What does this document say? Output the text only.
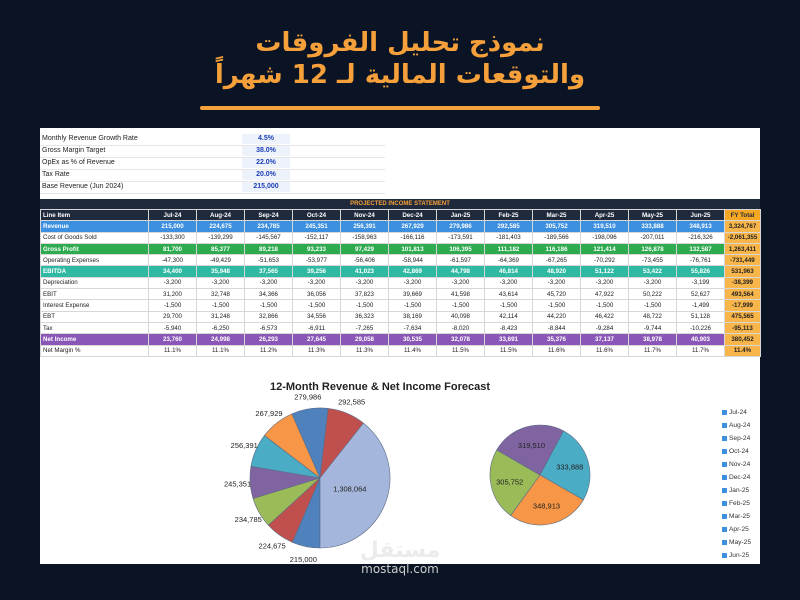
نموذج تحليل الفروقات
والتوقعات المالية لـ 12 شهراً
Monthly Revenue Growth Rate	4.5%
Gross Margin Target	38.0%
OpEx as % of Revenue	22.0%
Tax Rate	20.0%
Base Revenue (Jun 2024)	215,000
PROJECTED INCOME STATEMENT
Line Item	Jul-24	Aug-24	Sep-24	Oct-24	Nov-24	Dec-24	Jan-25	Feb-25	Mar-25	Apr-25	May-25	Jun-25	FY Total
Revenue	215,000	224,675	234,785	245,351	256,391	267,929	279,986	292,585	305,752	319,510	333,888	348,913	3,324,767
Cost of Goods Sold	-133,300	-139,299	-145,567	-152,117	-158,963	-166,116	-173,591	-181,403	-189,566	-198,096	-207,011	-216,326	-2,061,355
Gross Profit	81,700	85,377	89,218	93,233	97,429	101,813	106,395	111,182	116,186	121,414	126,878	132,587	1,263,411
Operating Expenses	-47,300	-49,429	-51,653	-53,977	-56,406	-58,944	-61,597	-64,369	-67,265	-70,292	-73,455	-76,761	-731,449
EBITDA	34,400	35,948	37,565	39,256	41,023	42,869	44,798	46,814	48,920	51,122	53,422	55,826	531,963
Depreciation	-3,200	-3,200	-3,200	-3,200	-3,200	-3,200	-3,200	-3,200	-3,200	-3,200	-3,200	-3,199	-38,399
EBIT	31,200	32,748	34,366	36,056	37,823	39,669	41,598	43,614	45,720	47,922	50,222	52,627	493,564
Interest Expense	-1,500	-1,500	-1,500	-1,500	-1,500	-1,500	-1,500	-1,500	-1,500	-1,500	-1,500	-1,499	-17,999
EBT	29,700	31,248	32,866	34,556	36,323	38,169	40,098	42,114	44,220	46,422	48,722	51,128	475,565
Tax	-5,940	-6,250	-6,573	-6,911	-7,265	-7,634	-8,020	-8,423	-8,844	-9,284	-9,744	-10,226	-95,113
Net Income	23,760	24,998	26,293	27,645	29,058	30,535	32,078	33,691	35,376	37,137	38,978	40,903	380,452
Net Margin %	11.1%	11.1%	11.2%	11.3%	11.3%	11.4%	11.5%	11.5%	11.6%	11.6%	11.7%	11.7%	11.4%
12-Month Revenue & Net Income Forecast
215,000
224,675
234,785
245,351
256,391
267,929
279,986
292,585
1,308,064
333,888
348,913
305,752
319,510
Jul-24
Aug-24
Sep-24
Oct-24
Nov-24
Dec-24
Jan-25
Feb-25
Mar-25
Apr-25
May-25
Jun-25
مستقل
mostaql.com
